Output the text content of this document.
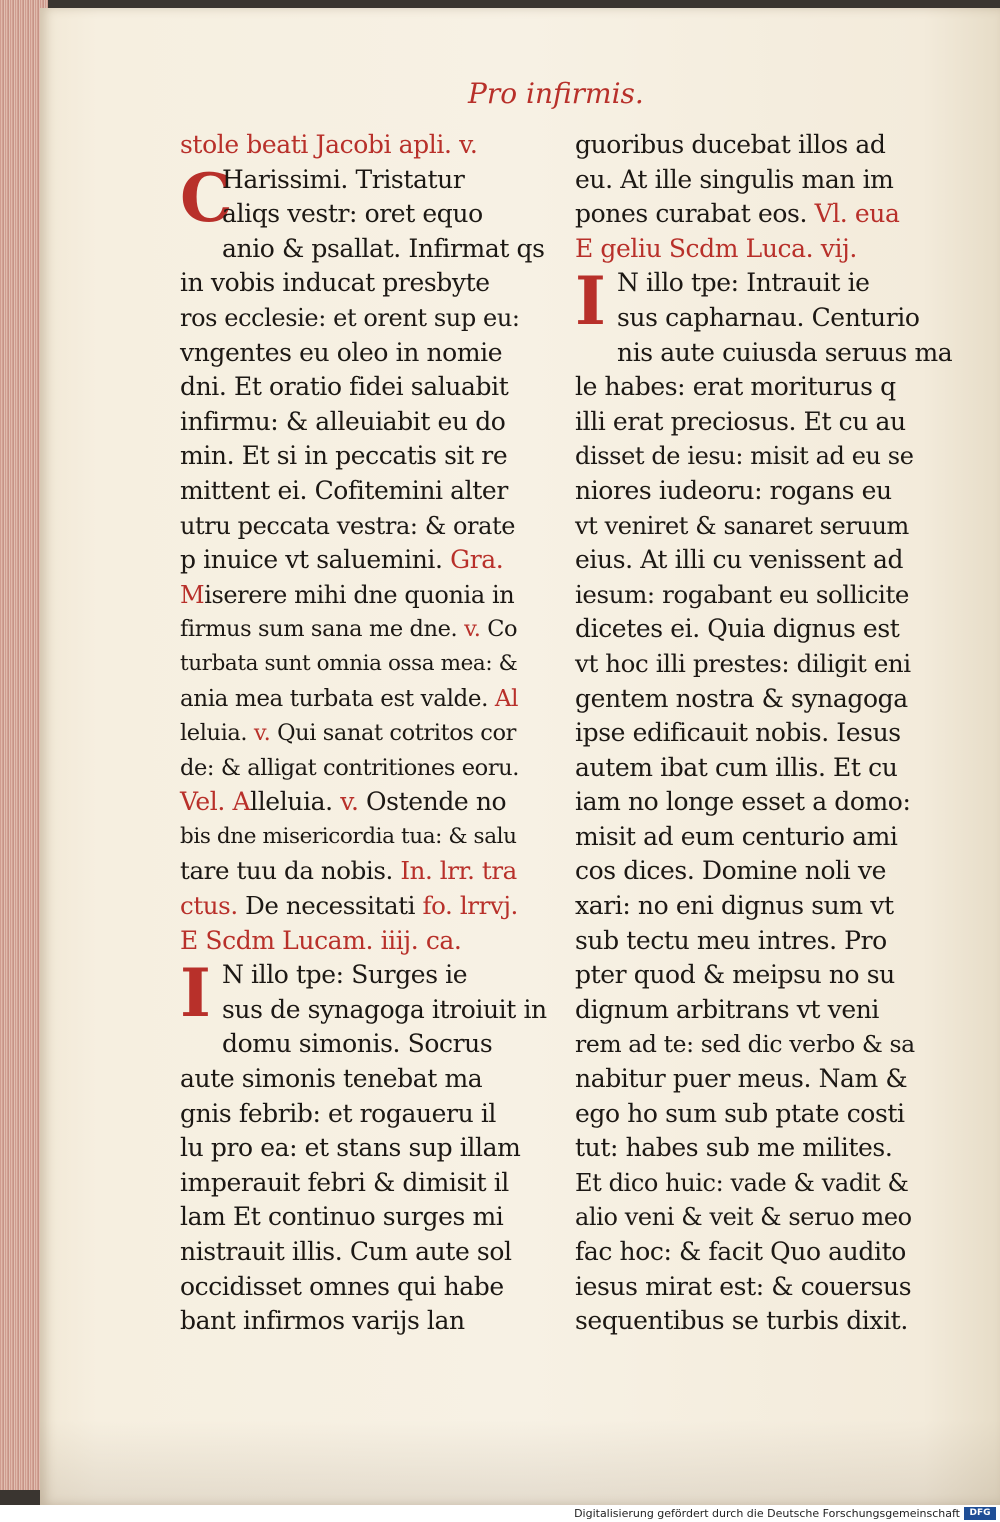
Pro infirmis.
stole beati Jacobi apli. v.
C
Harissimi. Tristatur
aliqs vestr: oret equo
anio & psallat. Infirmat qs
in vobis inducat presbyte
ros ecclesie: et orent sup eu:
vngentes eu oleo in nomie
dni. Et oratio fidei saluabit
infirmu: & alleuiabit eu do
min. Et si in peccatis sit re
mittent ei. Cofitemini alter
utru peccata vestra: & orate
p inuice vt saluemini. Gra.
Miserere mihi dne quonia in
firmus sum sana me dne. v. Co
turbata sunt omnia ossa mea: &
ania mea turbata est valde. Al
leluia. v. Qui sanat cotritos cor
de: & alligat contritiones eoru.
Vel. Alleluia. v. Ostende no
bis dne misericordia tua: & salu
tare tuu da nobis. In. lrr. tra
ctus. De necessitati fo. lrrvj.
E Scdm Lucam. iiij. ca.
I N illo tpe: Surges ie
sus de synagoga itroiuit in
domu simonis. Socrus
aute simonis tenebat ma
gnis febrib: et rogaueru il
lu pro ea: et stans sup illam
imperauit febri & dimisit il
lam Et continuo surges mi
nistrauit illis. Cum aute sol
occidisset omnes qui habe
bant infirmos varijs lan
guoribus ducebat illos ad
eu. At ille singulis man im
pones curabat eos. Vl. eua
E geliu Scdm Luca. vij.
I N illo tpe: Intrauit ie
sus capharnau. Centurio
nis aute cuiusda seruus ma
le habes: erat moriturus q
illi erat preciosus. Et cu au
disset de iesu: misit ad eu se
niores iudeoru: rogans eu
vt veniret & sanaret seruum
eius. At illi cu venissent ad
iesum: rogabant eu sollicite
dicetes ei. Quia dignus est
vt hoc illi prestes: diligit eni
gentem nostra & synagoga
ipse edificauit nobis. Iesus
autem ibat cum illis. Et cu
iam no longe esset a domo:
misit ad eum centurio ami
cos dices. Domine noli ve
xari: no eni dignus sum vt
sub tectu meu intres. Pro
pter quod & meipsu no su
dignum arbitrans vt veni
rem ad te: sed dic verbo & sa
nabitur puer meus. Nam &
ego ho sum sub ptate costi
tut: habes sub me milites.
Et dico huic: vade & vadit &
alio veni & veit & seruo meo
fac hoc: & facit Quo audito
iesus mirat est: & couersus
sequentibus se turbis dixit.
Digitalisierung gefördert durch die Deutsche Forschungsgemeinschaft	DFG
